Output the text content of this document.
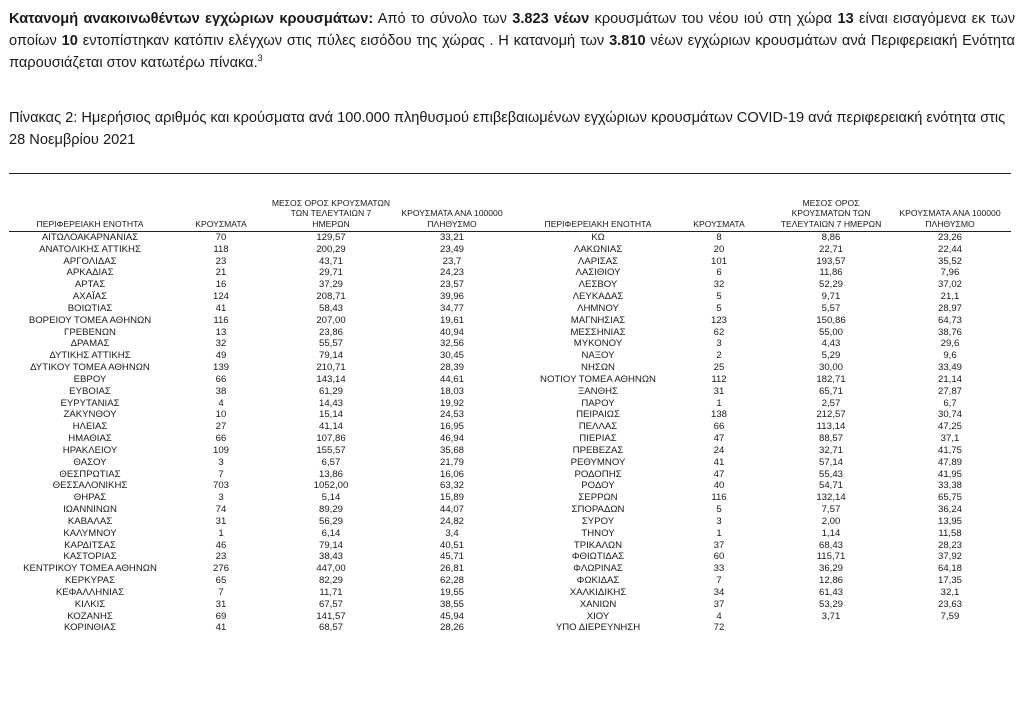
Κατανομή ανακοινωθέντων εγχώριων κρουσμάτων: Από το σύνολο των 3.823 νέων κρουσμάτων του νέου ιού στη χώρα 13 είναι εισαγόμενα εκ των οποίων 10 εντοπίστηκαν κατόπιν ελέγχων στις πύλες εισόδου της χώρας . Η κατανομή των 3.810 νέων εγχώριων κρουσμάτων ανά Περιφερειακή Ενότητα παρουσιάζεται στον κατωτέρω πίνακα.$^3$
Πίνακας 2: Ημερήσιος αριθμός και κρούσματα ανά 100.000 πληθυσμού επιβεβαιωμένων εγχώριων κρουσμάτων COVID-19 ανά περιφερειακή ενότητα στις 28 Νοεμβρίου 2021
ΠΕΡΙΦΕΡΕΙΑΚΗ ΕΝΟΤΗΤΑ	ΚΡΟΥΣΜΑΤΑ
ΜΕΣΟΣ ΟΡΟΣ ΚΡΟΥΣΜΑΤΩΝ ΤΩΝ ΤΕΛΕΥΤΑΙΩΝ 7 ΗΜΕΡΩΝ
ΚΡΟΥΣΜΑΤΑ ΑΝΑ 100000 ΠΛΗΘΥΣΜΟ	ΠΕΡΙΦΕΡΕΙΑΚΗ ΕΝΟΤΗΤΑ	ΚΡΟΥΣΜΑΤΑ
ΜΕΣΟΣ ΟΡΟΣ ΚΡΟΥΣΜΑΤΩΝ ΤΩΝ ΤΕΛΕΥΤΑΙΩΝ 7 ΗΜΕΡΩΝ
ΚΡΟΥΣΜΑΤΑ ΑΝΑ 100000 ΠΛΗΘΥΣΜΟ
ΑΙΤΩΛΟΑΚΑΡΝΑΝΙΑΣ	70	129,57	33,21	ΚΩ	8	8,86	23,26
ΑΝΑΤΟΛΙΚΗΣ ΑΤΤΙΚΗΣ	118	200,29	23,49	ΛΑΚΩΝΙΑΣ	20	22,71	22,44
ΑΡΓΟΛΙΔΑΣ	23	43,71	23,7	ΛΑΡΙΣΑΣ	101	193,57	35,52
ΑΡΚΑΔΙΑΣ	21	29,71	24,23	ΛΑΣΙΘΙΟΥ	6	11,86	7,96
ΑΡΤΑΣ	16	37,29	23,57	ΛΕΣΒΟΥ	32	52,29	37,02
ΑΧΑΪΑΣ	124	208,71	39,96	ΛΕΥΚΑΔΑΣ	5	9,71	21,1
ΒΟΙΩΤΙΑΣ	41	58,43	34,77	ΛΗΜΝΟΥ	5	5,57	28,97
ΒΟΡΕΙΟΥ ΤΟΜΕΑ ΑΘΗΝΩΝ	116	207,00	19,61	ΜΑΓΝΗΣΙΑΣ	123	150,86	64,73
ΓΡΕΒΕΝΩΝ	13	23,86	40,94	ΜΕΣΣΗΝΙΑΣ	62	55,00	38,76
ΔΡΑΜΑΣ	32	55,57	32,56	ΜΥΚΟΝΟΥ	3	4,43	29,6
ΔΥΤΙΚΗΣ ΑΤΤΙΚΗΣ	49	79,14	30,45	ΝΑΞΟΥ	2	5,29	9,6
ΔΥΤΙΚΟΥ ΤΟΜΕΑ ΑΘΗΝΩΝ	139	210,71	28,39	ΝΗΣΩΝ	25	30,00	33,49
ΕΒΡΟΥ	66	143,14	44,61	ΝΟΤΙΟΥ ΤΟΜΕΑ ΑΘΗΝΩΝ	112	182,71	21,14
ΕΥΒΟΙΑΣ	38	61,29	18,03	ΞΑΝΘΗΣ	31	65,71	27,87
ΕΥΡΥΤΑΝΙΑΣ	4	14,43	19,92	ΠΑΡΟΥ	1	2,57	6,7
ΖΑΚΥΝΘΟΥ	10	15,14	24,53	ΠΕΙΡΑΙΩΣ	138	212,57	30,74
ΗΛΕΙΑΣ	27	41,14	16,95	ΠΕΛΛΑΣ	66	113,14	47,25
ΗΜΑΘΙΑΣ	66	107,86	46,94	ΠΙΕΡΙΑΣ	47	88,57	37,1
ΗΡΑΚΛΕΙΟΥ	109	155,57	35,68	ΠΡΕΒΕΖΑΣ	24	32,71	41,75
ΘΑΣΟΥ	3	6,57	21,79	ΡΕΘΥΜΝΟΥ	41	57,14	47,89
ΘΕΣΠΡΩΤΙΑΣ	7	13,86	16,06	ΡΟΔΟΠΗΣ	47	55,43	41,95
ΘΕΣΣΑΛΟΝΙΚΗΣ	703	1052,00	63,32	ΡΟΔΟΥ	40	54,71	33,38
ΘΗΡΑΣ	3	5,14	15,89	ΣΕΡΡΩΝ	116	132,14	65,75
ΙΩΑΝΝΙΝΩΝ	74	89,29	44,07	ΣΠΟΡΑΔΩΝ	5	7,57	36,24
ΚΑΒΑΛΑΣ	31	56,29	24,82	ΣΥΡΟΥ	3	2,00	13,95
ΚΑΛΥΜΝΟΥ	1	6,14	3,4	ΤΗΝΟΥ	1	1,14	11,58
ΚΑΡΔΙΤΣΑΣ	46	79,14	40,51	ΤΡΙΚΑΛΩΝ	37	68,43	28,23
ΚΑΣΤΟΡΙΑΣ	23	38,43	45,71	ΦΘΙΩΤΙΔΑΣ	60	115,71	37,92
ΚΕΝΤΡΙΚΟΥ ΤΟΜΕΑ ΑΘΗΝΩΝ	276	447,00	26,81	ΦΛΩΡΙΝΑΣ	33	36,29	64,18
ΚΕΡΚΥΡΑΣ	65	82,29	62,28	ΦΩΚΙΔΑΣ	7	12,86	17,35
ΚΕΦΑΛΛΗΝΙΑΣ	7	11,71	19,55	ΧΑΛΚΙΔΙΚΗΣ	34	61,43	32,1
ΚΙΛΚΙΣ	31	67,57	38,55	ΧΑΝΙΩΝ	37	53,29	23,63
ΚΟΖΑΝΗΣ	69	141,57	45,94	ΧΙΟΥ	4	3,71	7,59
ΚΟΡΙΝΘΙΑΣ	41	68,57	28,26	ΥΠΟ ΔΙΕΡΕΥΝΗΣΗ	72
